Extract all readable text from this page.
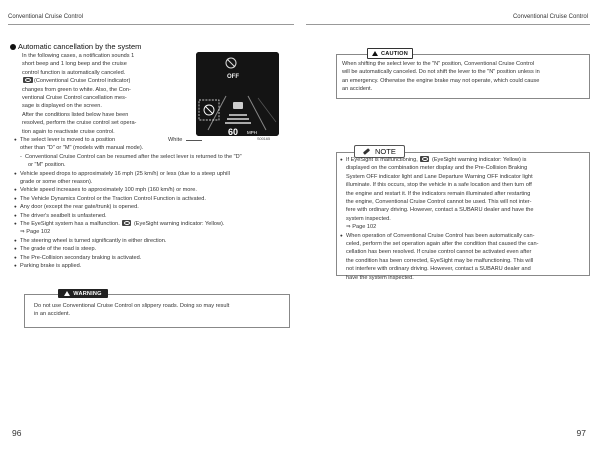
Conventional Cruise Control
Automatic cancellation by the system
In the following cases, a notification sounds 1
short beep and 1 long beep and the cruise
control function is automatically canceled.
(Conventional Cruise Control indicator)
changes from green to white. Also, the Con-
ventional Cruise Control cancellation mes-
sage is displayed on the screen.
After the conditions listed below have been
resolved, perform the cruise control set opera-
tion again to reactivate cruise control.
OFF
60 MPH
White	S00165
● The select lever is moved to a position
other than "D" or "M" (models with manual mode).
- Conventional Cruise Control can be resumed after the select lever is returned to the "D"
or "M" position.
● Vehicle speed drops to approximately 16 mph (25 km/h) or less (due to a steep uphill
grade or some other reason).
● Vehicle speed increases to approximately 100 mph (160 km/h) or more.
● The Vehicle Dynamics Control or the Traction Control Function is activated.
● Any door (except the rear gate/trunk) is opened.
● The driver's seatbelt is unfastened.
● The EyeSight system has a malfunction.	(EyeSight warning indicator: Yellow).
⇒ Page 102
● The steering wheel is turned significantly in either direction.
● The grade of the road is steep.
● The Pre-Collision secondary braking is activated.
● Parking brake is applied.
WARNING
Do not use Conventional Cruise Control on slippery roads. Doing so may result
in an accident.
96
Conventional Cruise Control
CAUTION
When shifting the select lever to the "N" position, Conventional Cruise Control
will be automatically canceled. Do not shift the lever to the "N" position unless in
an emergency. Otherwise the engine brake may not operate, which could cause
an accident.
NOTE
● If EyeSight is malfunctioning,	(EyeSight warning indicator: Yellow) is
displayed on the combination meter display and the Pre-Collision Braking
System OFF indicator light and Lane Departure Warning OFF indicator light
illuminate. If this occurs, stop the vehicle in a safe location and then turn off
the engine and restart it. If the indicators remain illuminated after restarting
the engine, Conventional Cruise Control cannot be used. This will not inter-
fere with ordinary driving. However, contact a SUBARU dealer and have the
system inspected.
⇒ Page 102
● When operation of Conventional Cruise Control has been automatically can-
celed, perform the set operation again after the condition that caused the can-
cellation has been resolved. If cruise control cannot be activated even after
the condition has been corrected, EyeSight may be malfunctioning. This will
not interfere with ordinary driving. However, contact a SUBARU dealer and
have the system inspected.
97
